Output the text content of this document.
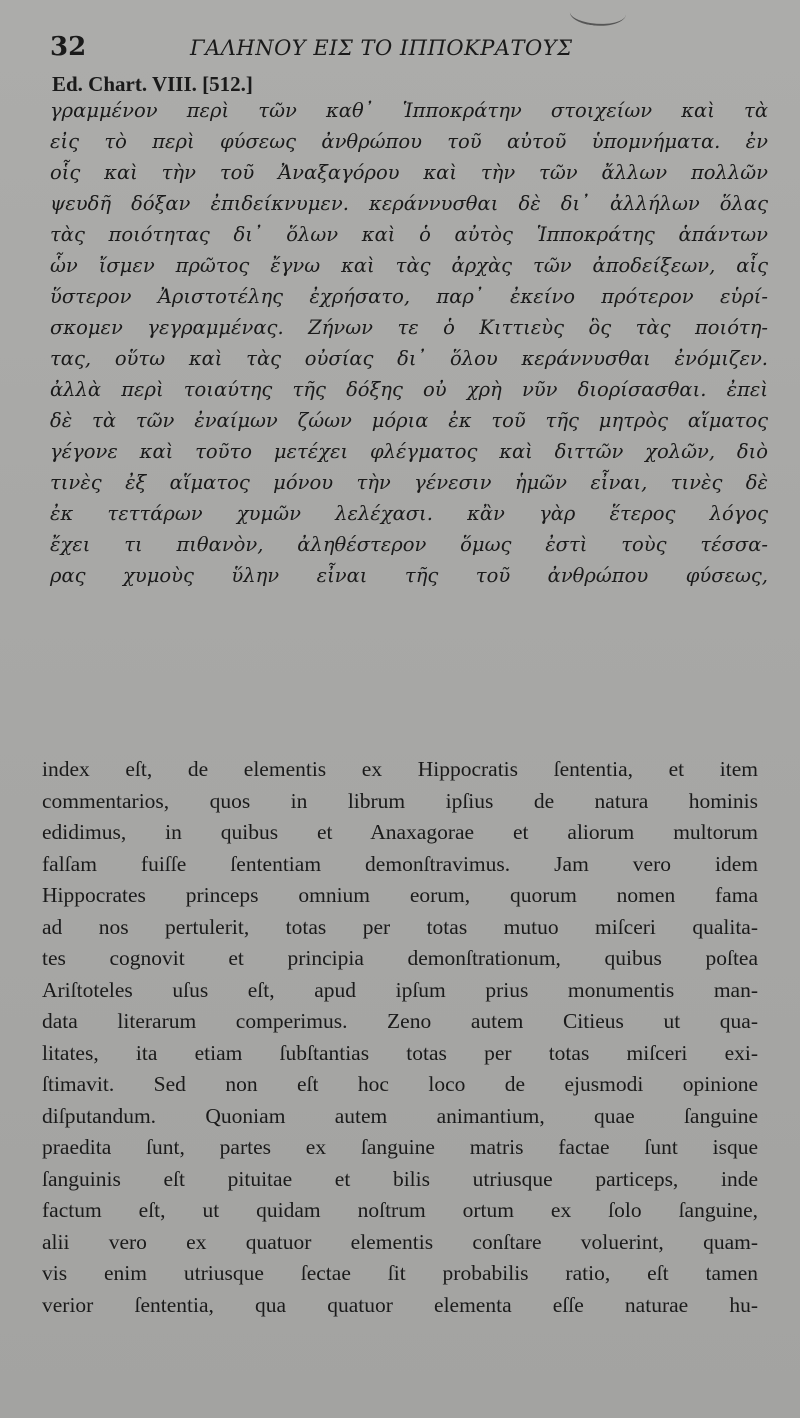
32	ΓΑΛΗΝΟΥ ΕΙΣ ΤΟ ΙΠΠΟΚΡΑΤΟΥΣ
Ed. Chart. VIII. [512.]
γραμμένον περὶ τῶν καθ᾽ Ἱπποκράτην στοιχείων καὶ τὰ
εἰς τὸ περὶ φύσεως ἀνθρώπου τοῦ αὐτοῦ ὑπομνήματα. ἐν
οἷς καὶ τὴν τοῦ Ἀναξαγόρου καὶ τὴν τῶν ἄλλων πολλῶν
ψευδῆ δόξαν ἐπιδείκνυμεν. κεράννυσθαι δὲ δι᾽ ἀλλήλων ὅλας
τὰς ποιότητας δι᾽ ὅλων καὶ ὁ αὐτὸς Ἱπποκράτης ἁπάντων
ὧν ἴσμεν πρῶτος ἔγνω καὶ τὰς ἀρχὰς τῶν ἀποδείξεων, αἷς
ὕστερον Ἀριστοτέλης ἐχρήσατο, παρ᾽ ἐκείνο πρότερον εὑρί-
σκομεν γεγραμμένας. Ζήνων τε ὁ Κιττιεὺς ὃς τὰς ποιότη-
τας, οὕτω καὶ τὰς οὐσίας δι᾽ ὅλου κεράννυσθαι ἐνόμιζεν.
ἀλλὰ περὶ τοιαύτης τῆς δόξης οὐ χρὴ νῦν διορίσασθαι. ἐπεὶ
δὲ τὰ τῶν ἐναίμων ζώων μόρια ἐκ τοῦ τῆς μητρὸς αἵματος
γέγονε καὶ τοῦτο μετέχει φλέγματος καὶ διττῶν χολῶν, διὸ
τινὲς ἐξ αἵματος μόνου τὴν γένεσιν ἡμῶν εἶναι, τινὲς δὲ
ἐκ τεττάρων χυμῶν λελέχασι. κἂν γὰρ ἕτερος λόγος
ἔχει τι πιθανὸν, ἀληθέστερον ὅμως ἐστὶ τοὺς τέσσα-
ρας χυμοὺς ὕλην εἶναι τῆς τοῦ ἀνθρώπου φύσεως,
index eſt, de elementis ex Hippocratis ſententia, et item
commentarios, quos in librum ipſius de natura hominis
edidimus, in quibus et Anaxagorae et aliorum multorum
falſam fuiſſe ſententiam demonſtravimus. Jam vero idem
Hippocrates princeps omnium eorum, quorum nomen fama
ad nos pertulerit, totas per totas mutuo miſceri qualita-
tes cognovit et principia demonſtrationum, quibus poſtea
Ariſtoteles uſus eſt, apud ipſum prius monumentis man-
data literarum comperimus. Zeno autem Citieus ut qua-
litates, ita etiam ſubſtantias totas per totas miſceri exi-
ſtimavit. Sed non eſt hoc loco de ejusmodi opinione
diſputandum. Quoniam autem animantium, quae ſanguine
praedita ſunt, partes ex ſanguine matris factae ſunt isque
ſanguinis eſt pituitae et bilis utriusque particeps, inde
factum eſt, ut quidam noſtrum ortum ex ſolo ſanguine,
alii vero ex quatuor elementis conſtare voluerint, quam-
vis enim utriusque ſectae ſit probabilis ratio, eſt tamen
verior ſententia, qua quatuor elementa eſſe naturae hu-
